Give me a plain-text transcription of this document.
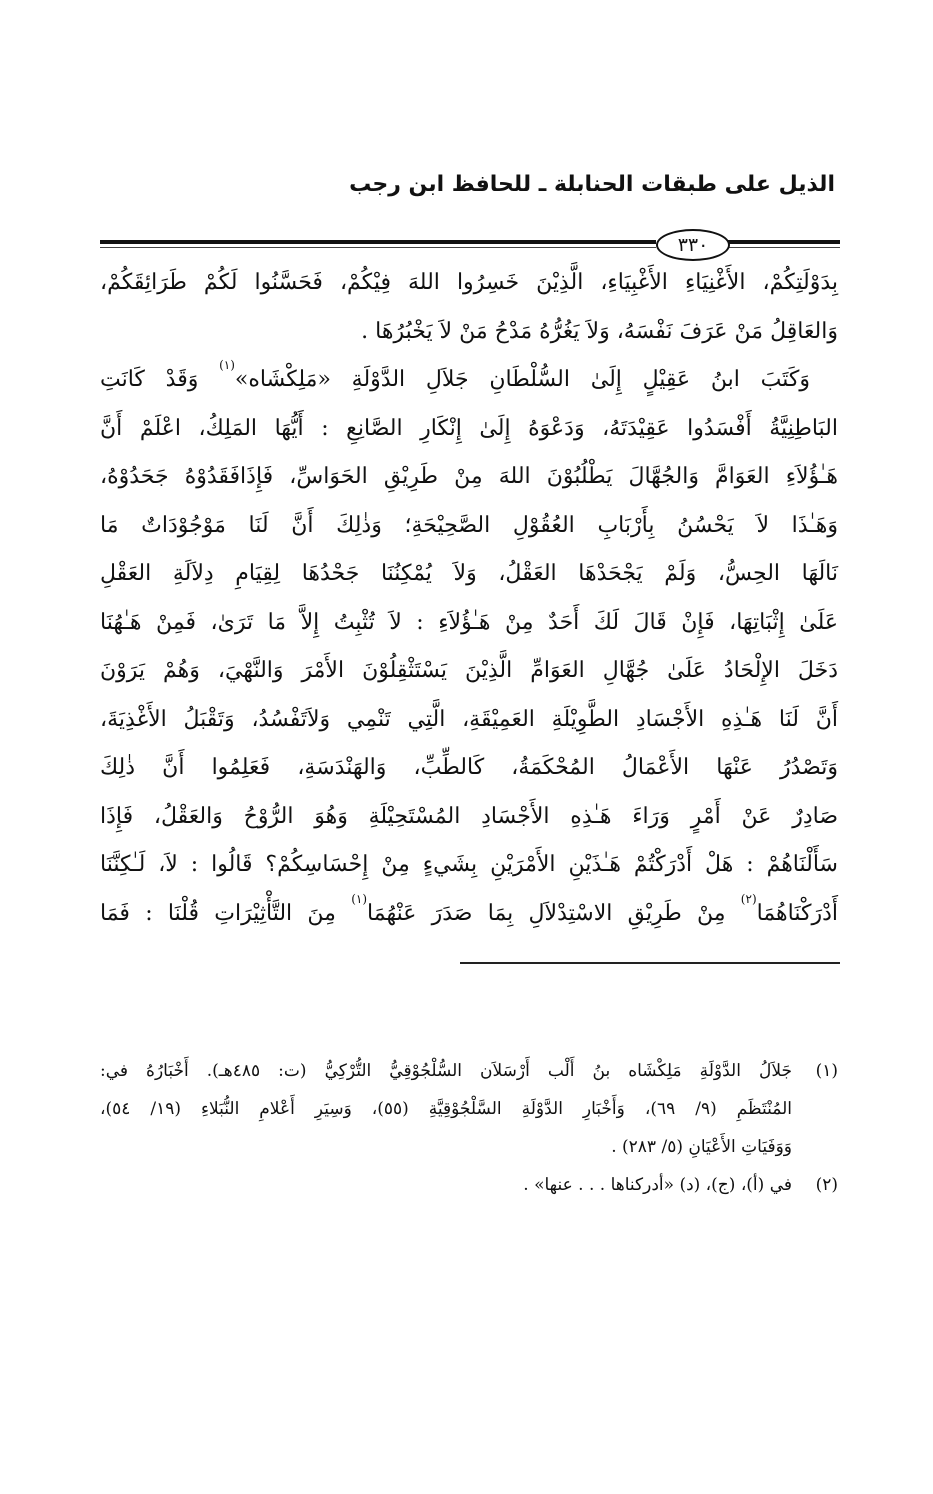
الذيل على طبقات الحنابلة ـ للحافظ ابن رجب
٣٣٠
بِدَوْلَتِكُمْ، الأَغْنِيَاءِ الأَغْبِيَاءِ، الَّذِيْنَ خَسِرُوا اللهَ فِيْكُمْ، فَحَسَّنُوا لَكُمْ طَرَائِقَكُمْ،
وَالعَاقِلُ مَنْ عَرَفَ نَفْسَهُ، وَلاَ يَغُرُّهُ مَدْحُ مَنْ لاَ يَخْبُرُهَا .
وَكَتَبَ ابنُ عَقِيْلٍ إِلَىٰ السُّلْطَانِ جَلاَلِ الدَّوْلَةِ «مَلِكْشَاه»$^{(١)}$ وَقَدْ كَانَتِ
البَاطِنِيَّةُ أَفْسَدُوا عَقِيْدَتَهُ، وَدَعْوَهُ إِلَىٰ إِنْكَارِ الصَّانِعِ : أَيُّهَا المَلِكُ، اعْلَمْ أَنَّ
هَـٰؤُلاَءِ العَوَامَّ وَالجُهَّالَ يَطْلُبُوْنَ اللهَ مِنْ طَرِيْقِ الحَوَاسِّ، فَإِذَافَقَدُوْهُ جَحَدُوْهُ،
وَهَـٰذَا لاَ يَحْسُنُ بِأَرْبَابِ العُقُوْلِ الصَّحِيْحَةِ؛ وَذٰلِكَ أَنَّ لَنَا مَوْجُوْدَاتٌ مَا
نَالَهَا الحِسُّ، وَلَمْ يَجْحَدْهَا العَقْلُ، وَلاَ يُمْكِنُنَا جَحْدُهَا لِقِيَامِ دِلاَلَةِ العَقْلِ
عَلَىٰ إِثْبَاتِهَا، فَإِنْ قَالَ لَكَ أَحَدٌ مِنْ هَـٰؤُلاَءِ : لاَ تُثْبِتُ إِلاَّ مَا تَرَىٰ، فَمِنْ هَـٰهُنَا
دَخَلَ الإِلْحَادُ عَلَىٰ جُهَّالِ العَوَامِّ الَّذِيْنَ يَسْتَثْقِلُوْنَ الأَمْرَ وَالنَّهْيَ، وَهُمْ يَرَوْنَ
أَنَّ لَنَا هَـٰذِهِ الأَجْسَادِ الطَّوِيْلَةِ العَمِيْقَةِ، الَّتِي تَنْمِي وَلاَتَفْسُدُ، وَتَقْبَلُ الأَغْذِيَةَ،
وَتَصْدُرُ عَنْهَا الأَعْمَالُ المُحْكَمَةُ، كَالطِّبِّ، وَالهَنْدَسَةِ، فَعَلِمُوا أَنَّ ذٰلِكَ
صَادِرٌ عَنْ أَمْرٍ وَرَاءَ هَـٰذِهِ الأَجْسَادِ المُسْتَحِيْلَةِ وَهُوَ الرُّوْحُ وَالعَقْلُ، فَإِذَا
سَأَلْنَاهُمْ : هَلْ أَدْرَكْتُمْ هَـٰذَيْنِ الأَمْرَيْنِ بِشَيءٍ مِنْ إِحْسَاسِكُمْ؟ قَالُوا : لاَ، لَـٰكِنَّنَا
أَدْرَكْنَاهُمَا$^{(٢)}$ مِنْ طَرِيْقِ الاسْتِدْلاَلِ بِمَا صَدَرَ عَنْهُمَا$^{(١)}$ مِنَ التَّأْثِيْرَاتِ قُلْنَا : فَمَا
(١)جَلاَلُ الدَّوْلَةِ مَلِكْشَاه بنُ أَلْب أَرْسَلاَن السُّلْجُوْقِيُّ التُّرْكِيُّ (ت: ٤٨٥هـ). أَخْبَارُهُ في:
المُنْتَظَمِ (٩/ ٦٩)، وَأَخْبَارِ الدَّوْلَةِ السَّلْجُوْقِيَّةِ (٥٥)، وَسِيَرِ أَعْلامِ النُّبَلاءِ (١٩/ ٥٤)،
وَوَفَيَاتِ الأَعْيَانِ (٥/ ٢٨٣) .
(٢)في (أ)، (ج)، (د) «أدركناها . . . عنها» .
